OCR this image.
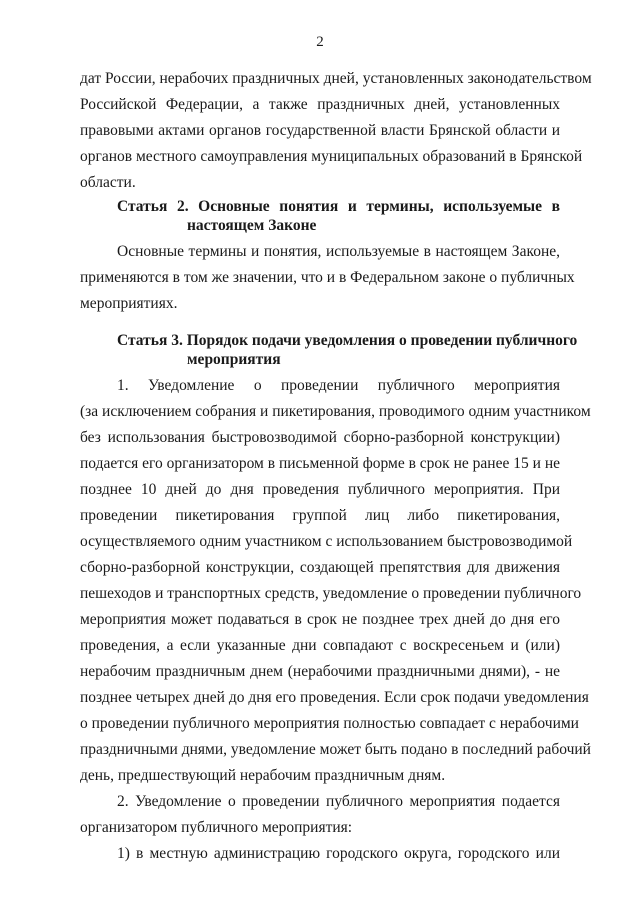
2
дат России, нерабочих праздничных дней, установленных законодательством
Российской Федерации, а также праздничных дней, установленных
правовыми актами органов государственной власти Брянской области и
органов местного самоуправления муниципальных образований в Брянской
области.
Статья 2. Основные понятия и термины, используемые в
настоящем Законе
Основные термины и понятия, используемые в настоящем Законе,
применяются в том же значении, что и в Федеральном законе о публичных
мероприятиях.
Статья 3. Порядок подачи уведомления о проведении публичного
мероприятия
1. Уведомление о проведении публичного мероприятия
(за исключением собрания и пикетирования, проводимого одним участником
без использования быстровозводимой сборно-разборной конструкции)
подается его организатором в письменной форме в срок не ранее 15 и не
позднее 10 дней до дня проведения публичного мероприятия. При
проведении пикетирования группой лиц либо пикетирования,
осуществляемого одним участником с использованием быстровозводимой
сборно-разборной конструкции, создающей препятствия для движения
пешеходов и транспортных средств, уведомление о проведении публичного
мероприятия может подаваться в срок не позднее трех дней до дня его
проведения, а если указанные дни совпадают с воскресеньем и (или)
нерабочим праздничным днем (нерабочими праздничными днями), - не
позднее четырех дней до дня его проведения. Если срок подачи уведомления
о проведении публичного мероприятия полностью совпадает с нерабочими
праздничными днями, уведомление может быть подано в последний рабочий
день, предшествующий нерабочим праздничным дням.
2. Уведомление о проведении публичного мероприятия подается
организатором публичного мероприятия:
1) в местную администрацию городского округа, городского или
